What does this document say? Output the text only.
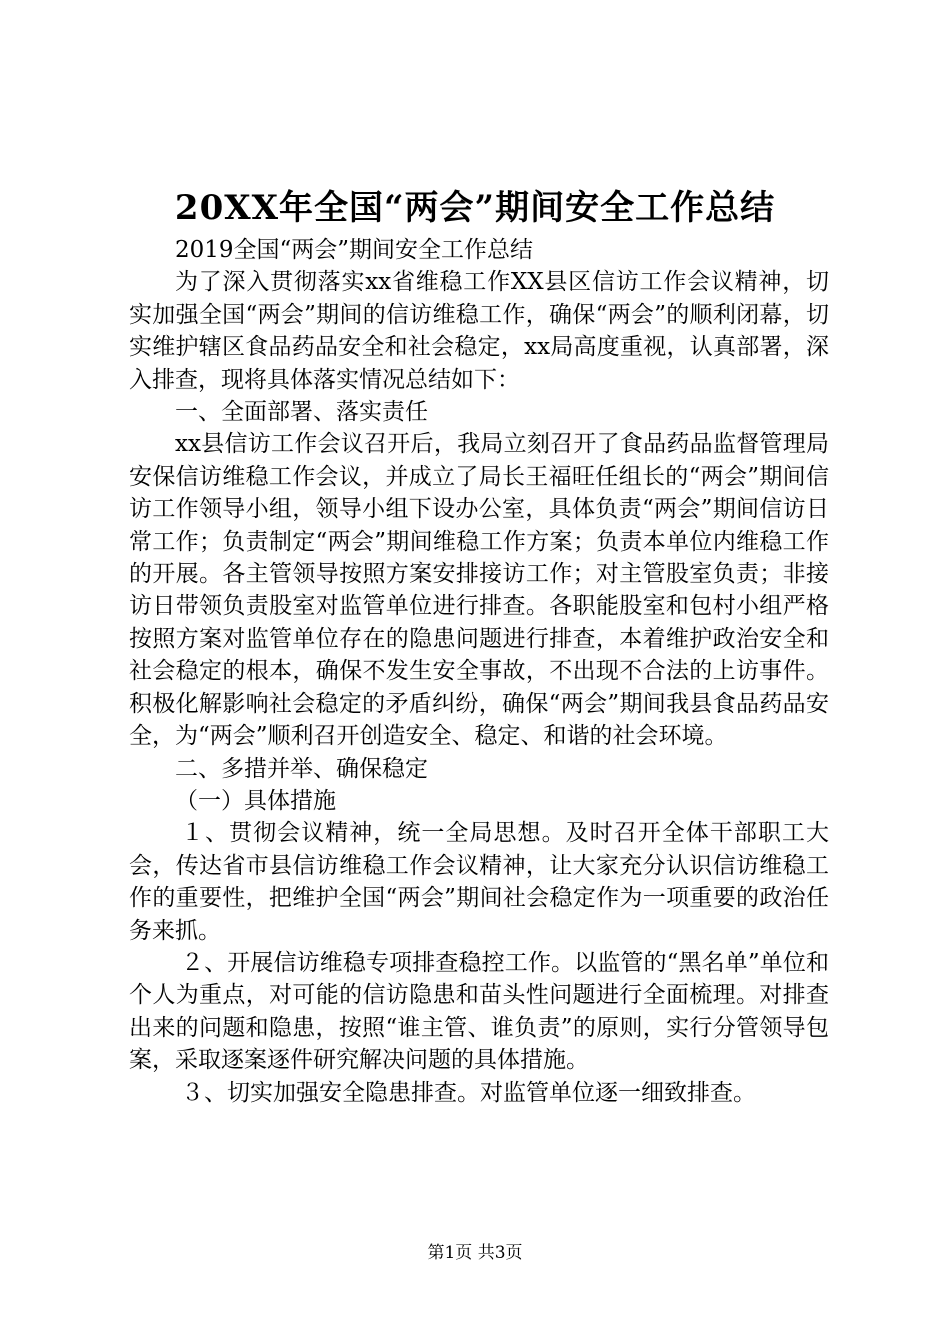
20XX年全国“两会”期间安全工作总结

2019全国“两会”期间安全工作总结

为了深入贯彻落实xx省维稳工作XX县区信访工作会议精神，切实加强全国“两会”期间的信访维稳工作，确保“两会”的顺利闭幕，切实维护辖区食品药品安全和社会稳定，xx局高度重视，认真部署，深入排查，现将具体落实情况总结如下：

一、全面部署、落实责任

xx县信访工作会议召开后，我局立刻召开了食品药品监督管理局安保信访维稳工作会议，并成立了局长王福旺任组长的“两会”期间信访工作领导小组，领导小组下设办公室，具体负责“两会”期间信访日常工作；负责制定“两会”期间维稳工作方案；负责本单位内维稳工作的开展。各主管领导按照方案安排接访工作；对主管股室负责；非接访日带领负责股室对监管单位进行排查。各职能股室和包村小组严格按照方案对监管单位存在的隐患问题进行排查，本着维护政治安全和社会稳定的根本，确保不发生安全事故，不出现不合法的上访事件。积极化解影响社会稳定的矛盾纠纷，确保“两会”期间我县食品药品安全，为“两会”顺利召开创造安全、稳定、和谐的社会环境。

二、多措并举、确保稳定

（一）具体措施

１、贯彻会议精神，统一全局思想。及时召开全体干部职工大会，传达省市县信访维稳工作会议精神，让大家充分认识信访维稳工作的重要性，把维护全国“两会”期间社会稳定作为一项重要的政治任务来抓。

２、开展信访维稳专项排查稳控工作。以监管的“黑名单”单位和个人为重点，对可能的信访隐患和苗头性问题进行全面梳理。对排查出来的问题和隐患，按照“谁主管、谁负责”的原则，实行分管领导包案，采取逐案逐件研究解决问题的具体措施。

３、切实加强安全隐患排查。对监管单位逐一细致排查。

第1页 共3页
